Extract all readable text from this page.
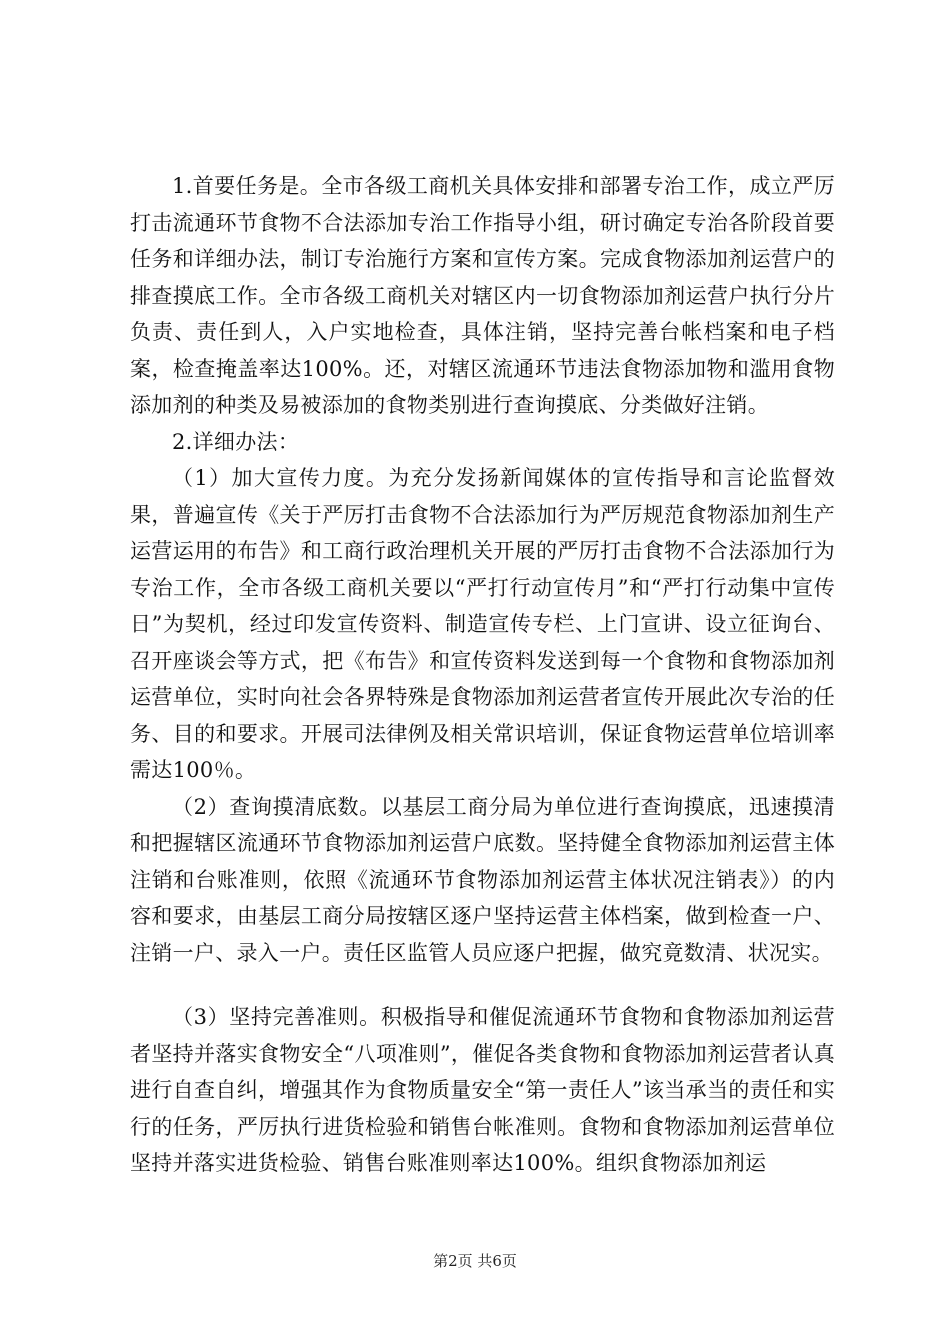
1.首要任务是。全市各级工商机关具体安排和部署专治工作，成立严厉打击流通环节食物不合法添加专治工作指导小组，研讨确定专治各阶段首要任务和详细办法，制订专治施行方案和宣传方案。完成食物添加剂运营户的排查摸底工作。全市各级工商机关对辖区内一切食物添加剂运营户执行分片负责、责任到人，入户实地检查，具体注销，坚持完善台帐档案和电子档案，检查掩盖率达100%。还，对辖区流通环节违法食物添加物和滥用食物添加剂的种类及易被添加的食物类别进行查询摸底、分类做好注销。

2.详细办法：

（1）加大宣传力度。为充分发扬新闻媒体的宣传指导和言论监督效果，普遍宣传《关于严厉打击食物不合法添加行为严厉规范食物添加剂生产运营运用的布告》和工商行政治理机关开展的严厉打击食物不合法添加行为专治工作，全市各级工商机关要以“严打行动宣传月”和“严打行动集中宣传日”为契机，经过印发宣传资料、制造宣传专栏、上门宣讲、设立征询台、召开座谈会等方式，把《布告》和宣传资料发送到每一个食物和食物添加剂运营单位，实时向社会各界特殊是食物添加剂运营者宣传开展此次专治的任务、目的和要求。开展司法律例及相关常识培训，保证食物运营单位培训率需达100％。

（2）查询摸清底数。以基层工商分局为单位进行查询摸底，迅速摸清和把握辖区流通环节食物添加剂运营户底数。坚持健全食物添加剂运营主体注销和台账准则，依照《流通环节食物添加剂运营主体状况注销表》）的内容和要求，由基层工商分局按辖区逐户坚持运营主体档案，做到检查一户、注销一户、录入一户。责任区监管人员应逐户把握，做究竟数清、状况实。

（3）坚持完善准则。积极指导和催促流通环节食物和食物添加剂运营者坚持并落实食物安全“八项准则”，催促各类食物和食物添加剂运营者认真进行自查自纠，增强其作为食物质量安全“第一责任人”该当承当的责任和实行的任务，严厉执行进货检验和销售台帐准则。食物和食物添加剂运营单位坚持并落实进货检验、销售台账准则率达100%。组织食物添加剂运

第2页 共6页
